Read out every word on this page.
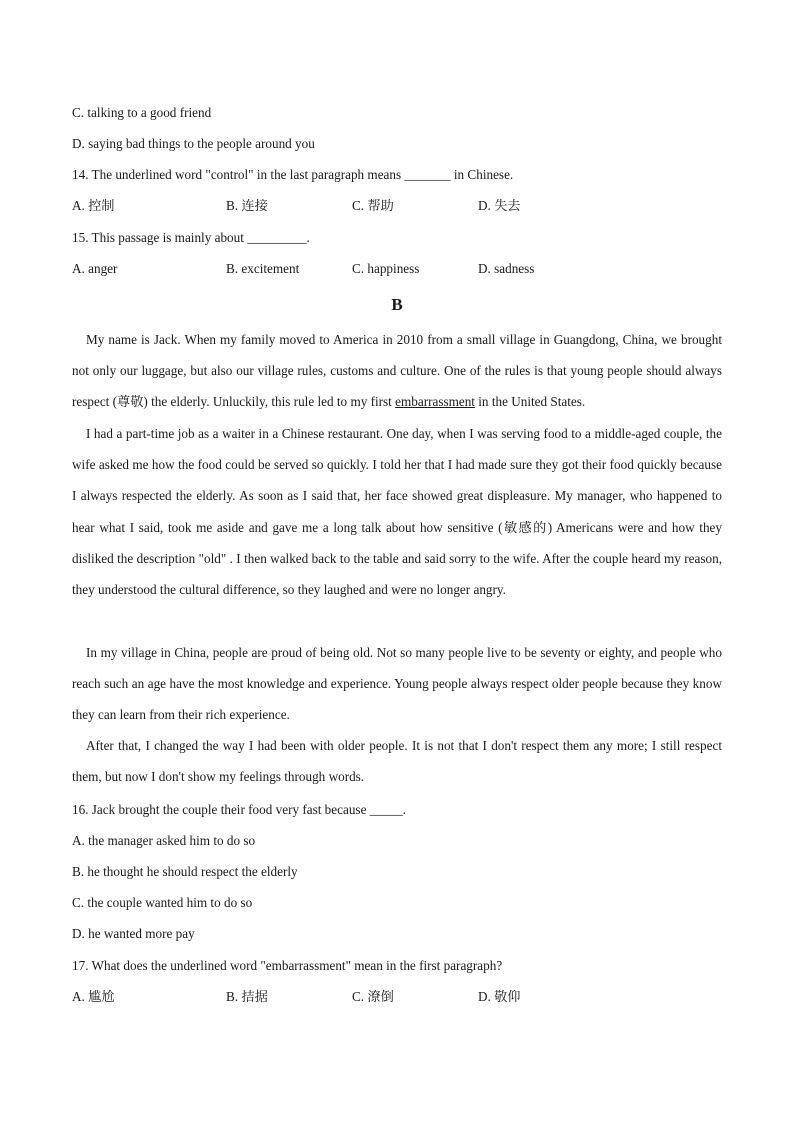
C. talking to a good friend
D. saying bad things to the people around you
14. The underlined word "control" in the last paragraph means _______ in Chinese.
A. 控制	B. 连接	C. 帮助	D. 失去
15. This passage is mainly about _________.
A. anger	B. excitement	C. happiness	D. sadness
B
My name is Jack. When my family moved to America in 2010 from a small village in Guangdong, China, we brought not only our luggage, but also our village rules, customs and culture. One of the rules is that young people should always respect (尊敬) the elderly. Unluckily, this rule led to my first embarrassment in the United States.
I had a part-time job as a waiter in a Chinese restaurant. One day, when I was serving food to a middle-aged couple, the wife asked me how the food could be served so quickly. I told her that I had made sure they got their food quickly because I always respected the elderly. As soon as I said that, her face showed great displeasure. My manager, who happened to hear what I said, took me aside and gave me a long talk about how sensitive (敏感的) Americans were and how they disliked the description "old" . I then walked back to the table and said sorry to the wife. After the couple heard my reason, they understood the cultural difference, so they laughed and were no longer angry.
In my village in China, people are proud of being old. Not so many people live to be seventy or eighty, and people who reach such an age have the most knowledge and experience. Young people always respect older people because they know they can learn from their rich experience.
After that, I changed the way I had been with older people. It is not that I don't respect them any more; I still respect them, but now I don't show my feelings through words.
16. Jack brought the couple their food very fast because _____.
A. the manager asked him to do so
B. he thought he should respect the elderly
C. the couple wanted him to do so
D. he wanted more pay
17. What does the underlined word "embarrassment" mean in the first paragraph?
A. 尴尬	B. 拮据	C. 潦倒	D. 敬仰
